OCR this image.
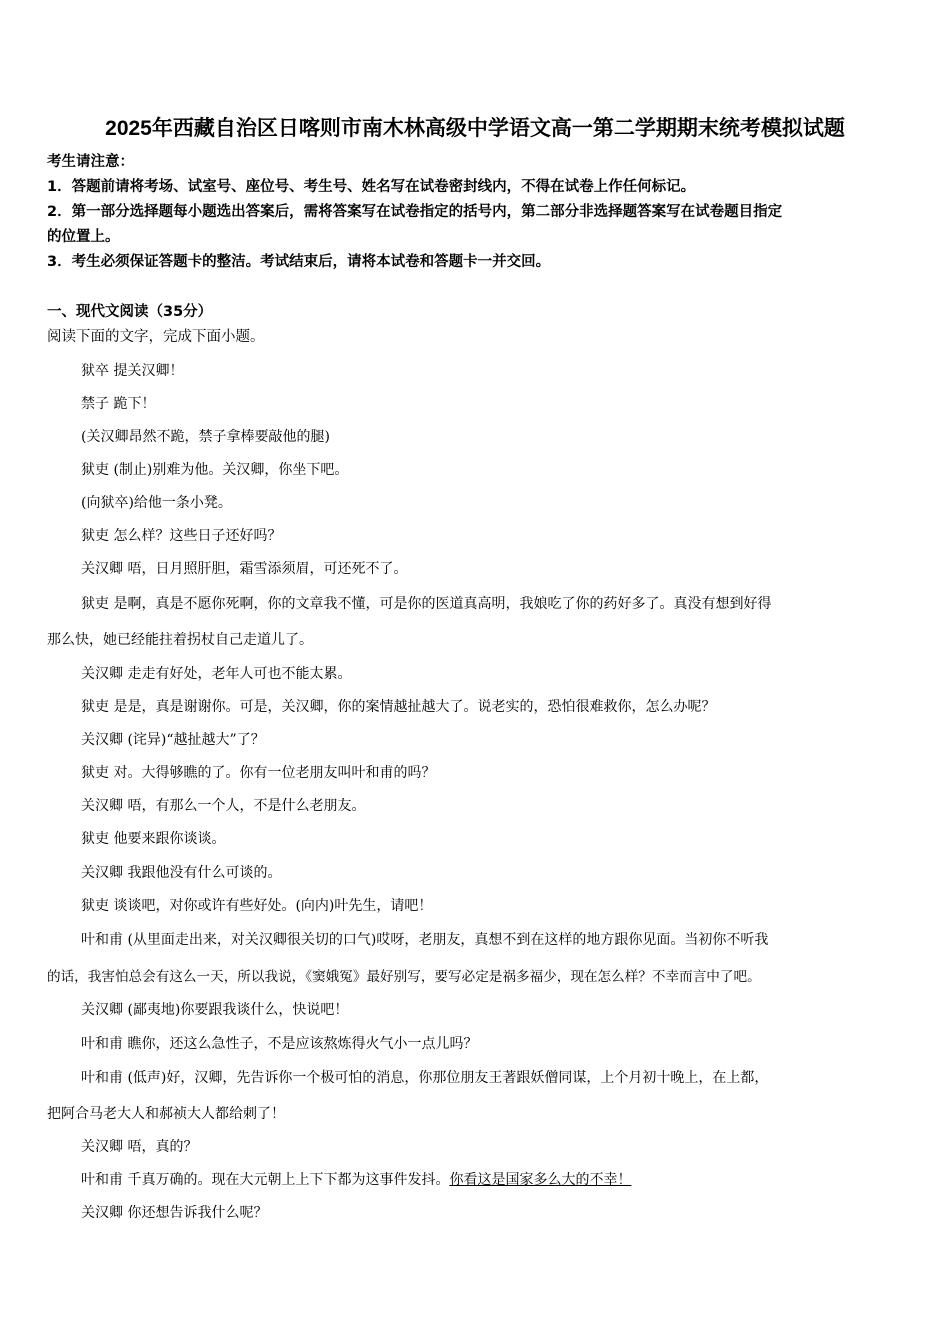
2025年西藏自治区日喀则市南木林高级中学语文高一第二学期期末统考模拟试题
考生请注意：
1．答题前请将考场、试室号、座位号、考生号、姓名写在试卷密封线内，不得在试卷上作任何标记。
2．第一部分选择题每小题选出答案后，需将答案写在试卷指定的括号内，第二部分非选择题答案写在试卷题目指定
的位置上。
3．考生必须保证答题卡的整洁。考试结束后，请将本试卷和答题卡一并交回。
一、现代文阅读（35分）
阅读下面的文字，完成下面小题。
狱卒 提关汉卿！
禁子 跪下！
(关汉卿昂然不跪，禁子拿棒要敲他的腿)
狱吏 (制止)别难为他。关汉卿，你坐下吧。
(向狱卒)给他一条小凳。
狱吏 怎么样？这些日子还好吗？
关汉卿 唔，日月照肝胆，霜雪添须眉，可还死不了。
狱吏 是啊，真是不愿你死啊，你的文章我不懂，可是你的医道真高明，我娘吃了你的药好多了。真没有想到好得
那么快，她已经能拄着拐杖自己走道儿了。
关汉卿 走走有好处，老年人可也不能太累。
狱吏 是是，真是谢谢你。可是，关汉卿，你的案情越扯越大了。说老实的，恐怕很难救你，怎么办呢？
关汉卿 (诧异)“越扯越大”了？
狱吏 对。大得够瞧的了。你有一位老朋友叫叶和甫的吗？
关汉卿 唔，有那么一个人，不是什么老朋友。
狱吏 他要来跟你谈谈。
关汉卿 我跟他没有什么可谈的。
狱吏 谈谈吧，对你或许有些好处。(向内)叶先生，请吧！
叶和甫 (从里面走出来，对关汉卿很关切的口气)哎呀，老朋友，真想不到在这样的地方跟你见面。当初你不听我
的话，我害怕总会有这么一天，所以我说，《窦娥冤》最好别写，要写必定是祸多福少，现在怎么样？不幸而言中了吧。
关汉卿 (鄙夷地)你要跟我谈什么，快说吧！
叶和甫 瞧你，还这么急性子，不是应该熬炼得火气小一点儿吗？
叶和甫 (低声)好，汉卿，先告诉你一个极可怕的消息，你那位朋友王著跟妖僧同谋，上个月初十晚上，在上都，
把阿合马老大人和郝祯大人都给刺了！
关汉卿 唔，真的？
叶和甫 千真万确的。现在大元朝上上下下都为这事件发抖。你看这是国家多么大的不幸！
关汉卿 你还想告诉我什么呢？
